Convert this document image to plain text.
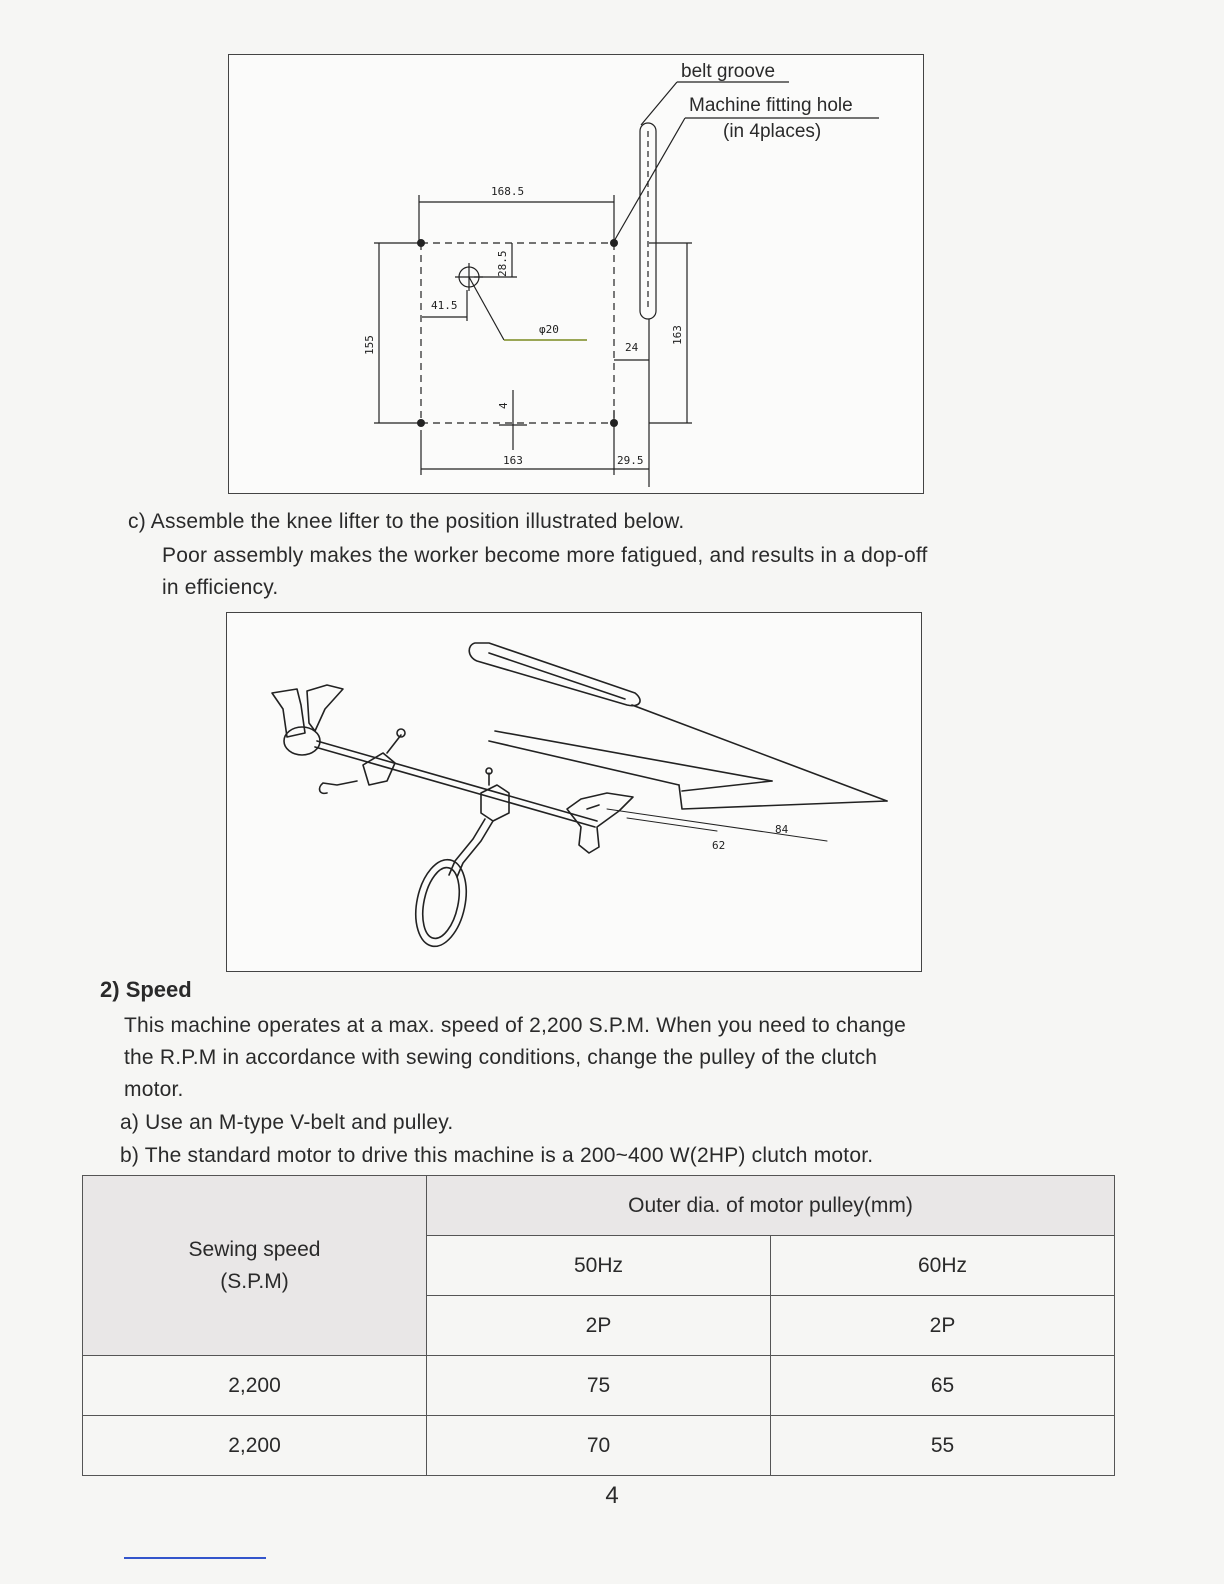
belt groove
Machine fitting hole
(in 4places)
168.5
28.5
41.5
φ20
155	24
163
4
163	29.5
c) Assemble the knee lifter to the position illustrated below.
Poor assembly makes the worker become more fatigued, and results in a dop-off
in efficiency.
62
84
2) Speed
This machine operates at a max. speed of 2,200 S.P.M. When you need to change
the R.P.M in accordance with sewing conditions, change the pulley of the clutch
motor.
a) Use an M-type V-belt and pulley.
b) The standard motor to drive this machine is a 200~400 W(2HP) clutch motor.
Sewing speed
(S.P.M)	Outer dia. of motor pulley(mm)	
	50Hz	60Hz
	2P	2P
2,200	75	65
2,200	70	55
4
